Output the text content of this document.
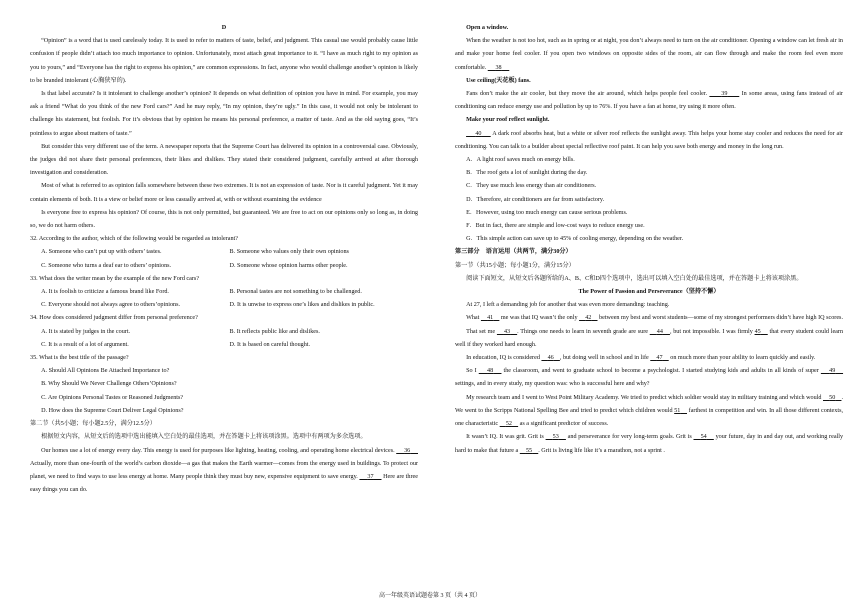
D

“Opinion” is a word that is used carelessly today. It is used to refer to matters of taste, belief, and judgment. This casual use would probably cause little confusion if people didn’t attach too much importance to opinion. Unfortunately, most attach great importance to it. “I have as much right to my opinion as you to yours,” and “Everyone has the right to express his opinion,” are common expressions. In fact, anyone who would challenge another’s opinion is likely to be branded intolerant (心胸狭窄的).

Is that label accurate? Is it intolerant to challenge another’s opinion? It depends on what definition of opinion you have in mind. For example, you may ask a friend “What do you think of the new Ford cars?” And he may reply, “In my opinion, they’re ugly.” In this case, it would not only be intolerant to challenge his statement, but foolish. For it’s obvious that by opinion he means his personal preference, a matter of taste. And as the old saying goes, “It’s pointless to argue about matters of taste.”

But consider this very different use of the term. A newspaper reports that the Supreme Court has delivered its opinion in a controversial case. Obviously, the judges did not share their personal preferences, their likes and dislikes. They stated their considered judgment, carefully arrived at after thorough investigation and consideration.

Most of what is referred to as opinion falls somewhere between these two extremes. It is not an expression of taste. Nor is it careful judgment. Yet it may contain elements of both. It is a view or belief more or less casually arrived at, with or without examining the evidence

Is everyone free to express his opinion? Of course, this is not only permitted, but guaranteed. We are free to act on our opinions only so long as, in doing so, we do not harm others.

32. According to the author, which of the following would be regarded as intolerant?

A. Someone who can’t put up with others’ tastes.	B. Someone who values only their own opinions
C. Someone who turns a deaf ear to others’ opinions.	D. Someone whose opinion harms other people.

33. What does the writer mean by the example of the new Ford cars?

A. It is foolish to criticize a famous brand like Ford.	B. Personal tastes are not something to be challenged.
C. Everyone should not always agree to others’opinions.	D. It is unwise to express one’s likes and dislikes in public.

34. How does considered judgment differ from personal preference?

A. It is stated by judges in the court.	B. It reflects public like and dislikes.
C. It is a result of a lot of argument.	D. It is based on careful thought.

35. What is the best title of the passage?

A. Should All Opinions Be Attached Importance to?

B. Why Should We Never Challenge Others’Opinions?

C. Are Opinions Personal Tastes or Reasoned Judgments?

D. How does the Supreme Court Deliver Legal Opinions?

第二节（共5小题；每小题2.5分，满分12.5分）

根据短文内容，从短文后的选项中选出能填入空白处的最佳选项，并在答题卡上将该项涂黑。选项中有两项为多余选项。

Our homes use a lot of energy every day. This energy is used for purposes like lighting, heating, cooling, and operating home electrical devices. 36      Actually, more than one-fourth of the world’s carbon dioxide—a gas that makes the Earth warmer—comes from the energy used in buildings. To protect our planet, we need to find ways to use less energy at home. Many people think they must buy new, expensive equipment to save energy. 37 Here are three easy things you can do.

Open a window.

When the weather is not too hot, such as in spring or at night, you don’t always need to turn on the air conditioner. Opening a window can let fresh air in and make your home feel cooler. If you open two windows on opposite sides of the room, air can flow through and make the room feel even more comfortable. 38

Use ceiling(天花板) fans.

Fans don’t make the air cooler, but they move the air around, which helps people feel cooler. 39 In some areas, using fans instead of air conditioning can reduce energy use and pollution by up to 76%. If you have a fan at home, try using it more often.

Make your roof reflect sunlight.

40 A dark roof absorbs heat, but a white or silver roof reflects the sunlight away. This helps your home stay cooler and reduces the need for air conditioning. You can talk to a builder about special reflective roof paint. It can help you save both energy and money in the long run.

A．A light roof saves much on energy bills.

B．The roof gets a lot of sunlight during the day.

C．They use much less energy than air conditioners.

D．Therefore, air conditioners are far from satisfactory.

E．However, using too much energy can cause serious problems.

F．But in fact, there are simple and low-cost ways to reduce energy use.

G．This simple action can save up to 45% of cooling energy, depending on the weather.

第三部分　语言运用（共两节，满分30分）

第一节（共15小题；每小题1分，满分15分）

阅读下面短文，从短文后各题所给的A、B、C和D四个选项中，选出可以填入空白处的最佳选项，并在答题卡上将该项涂黑。

The Power of Passion and Perseverance（坚持不懈）

At 27, I left a demanding job for another that was even more demanding: teaching.

What 41 me was that IQ wasn’t the only 42 between my best and worst students—some of my strongest performers didn’t have high IQ scores.

That set me 43 . Things one needs to learn in seventh grade are sure 44 , but not impossible. I was firmly 45 that every student could learn well if they worked hard enough.

In education, IQ is considered 46 , but doing well in school and in life 47 on much more than your ability to learn quickly and easily.

So I 48 the classroom, and went to graduate school to become a psychologist. I started studying kids and adults in all kinds of super 49     settings, and in every study, my question was: who is successful here and why?

My research team and I went to West Point Military Academy. We tried to predict which soldier would stay in military training and which would 50 . We went to the Scripps National Spelling Bee and tried to predict which children would 51 farthest in competition and win. In all those different contexts, one characteristic 52 as a significant predictor of success.

It wasn’t IQ. It was grit. Grit is 53 and perseverance for very long-term goals. Grit is 54 your future, day in and day out, and working really hard to make that future a 55 . Grit is living life like it’s a marathon, not a sprint .

高一年级英语试题卷第 3 页（共 4 页）
